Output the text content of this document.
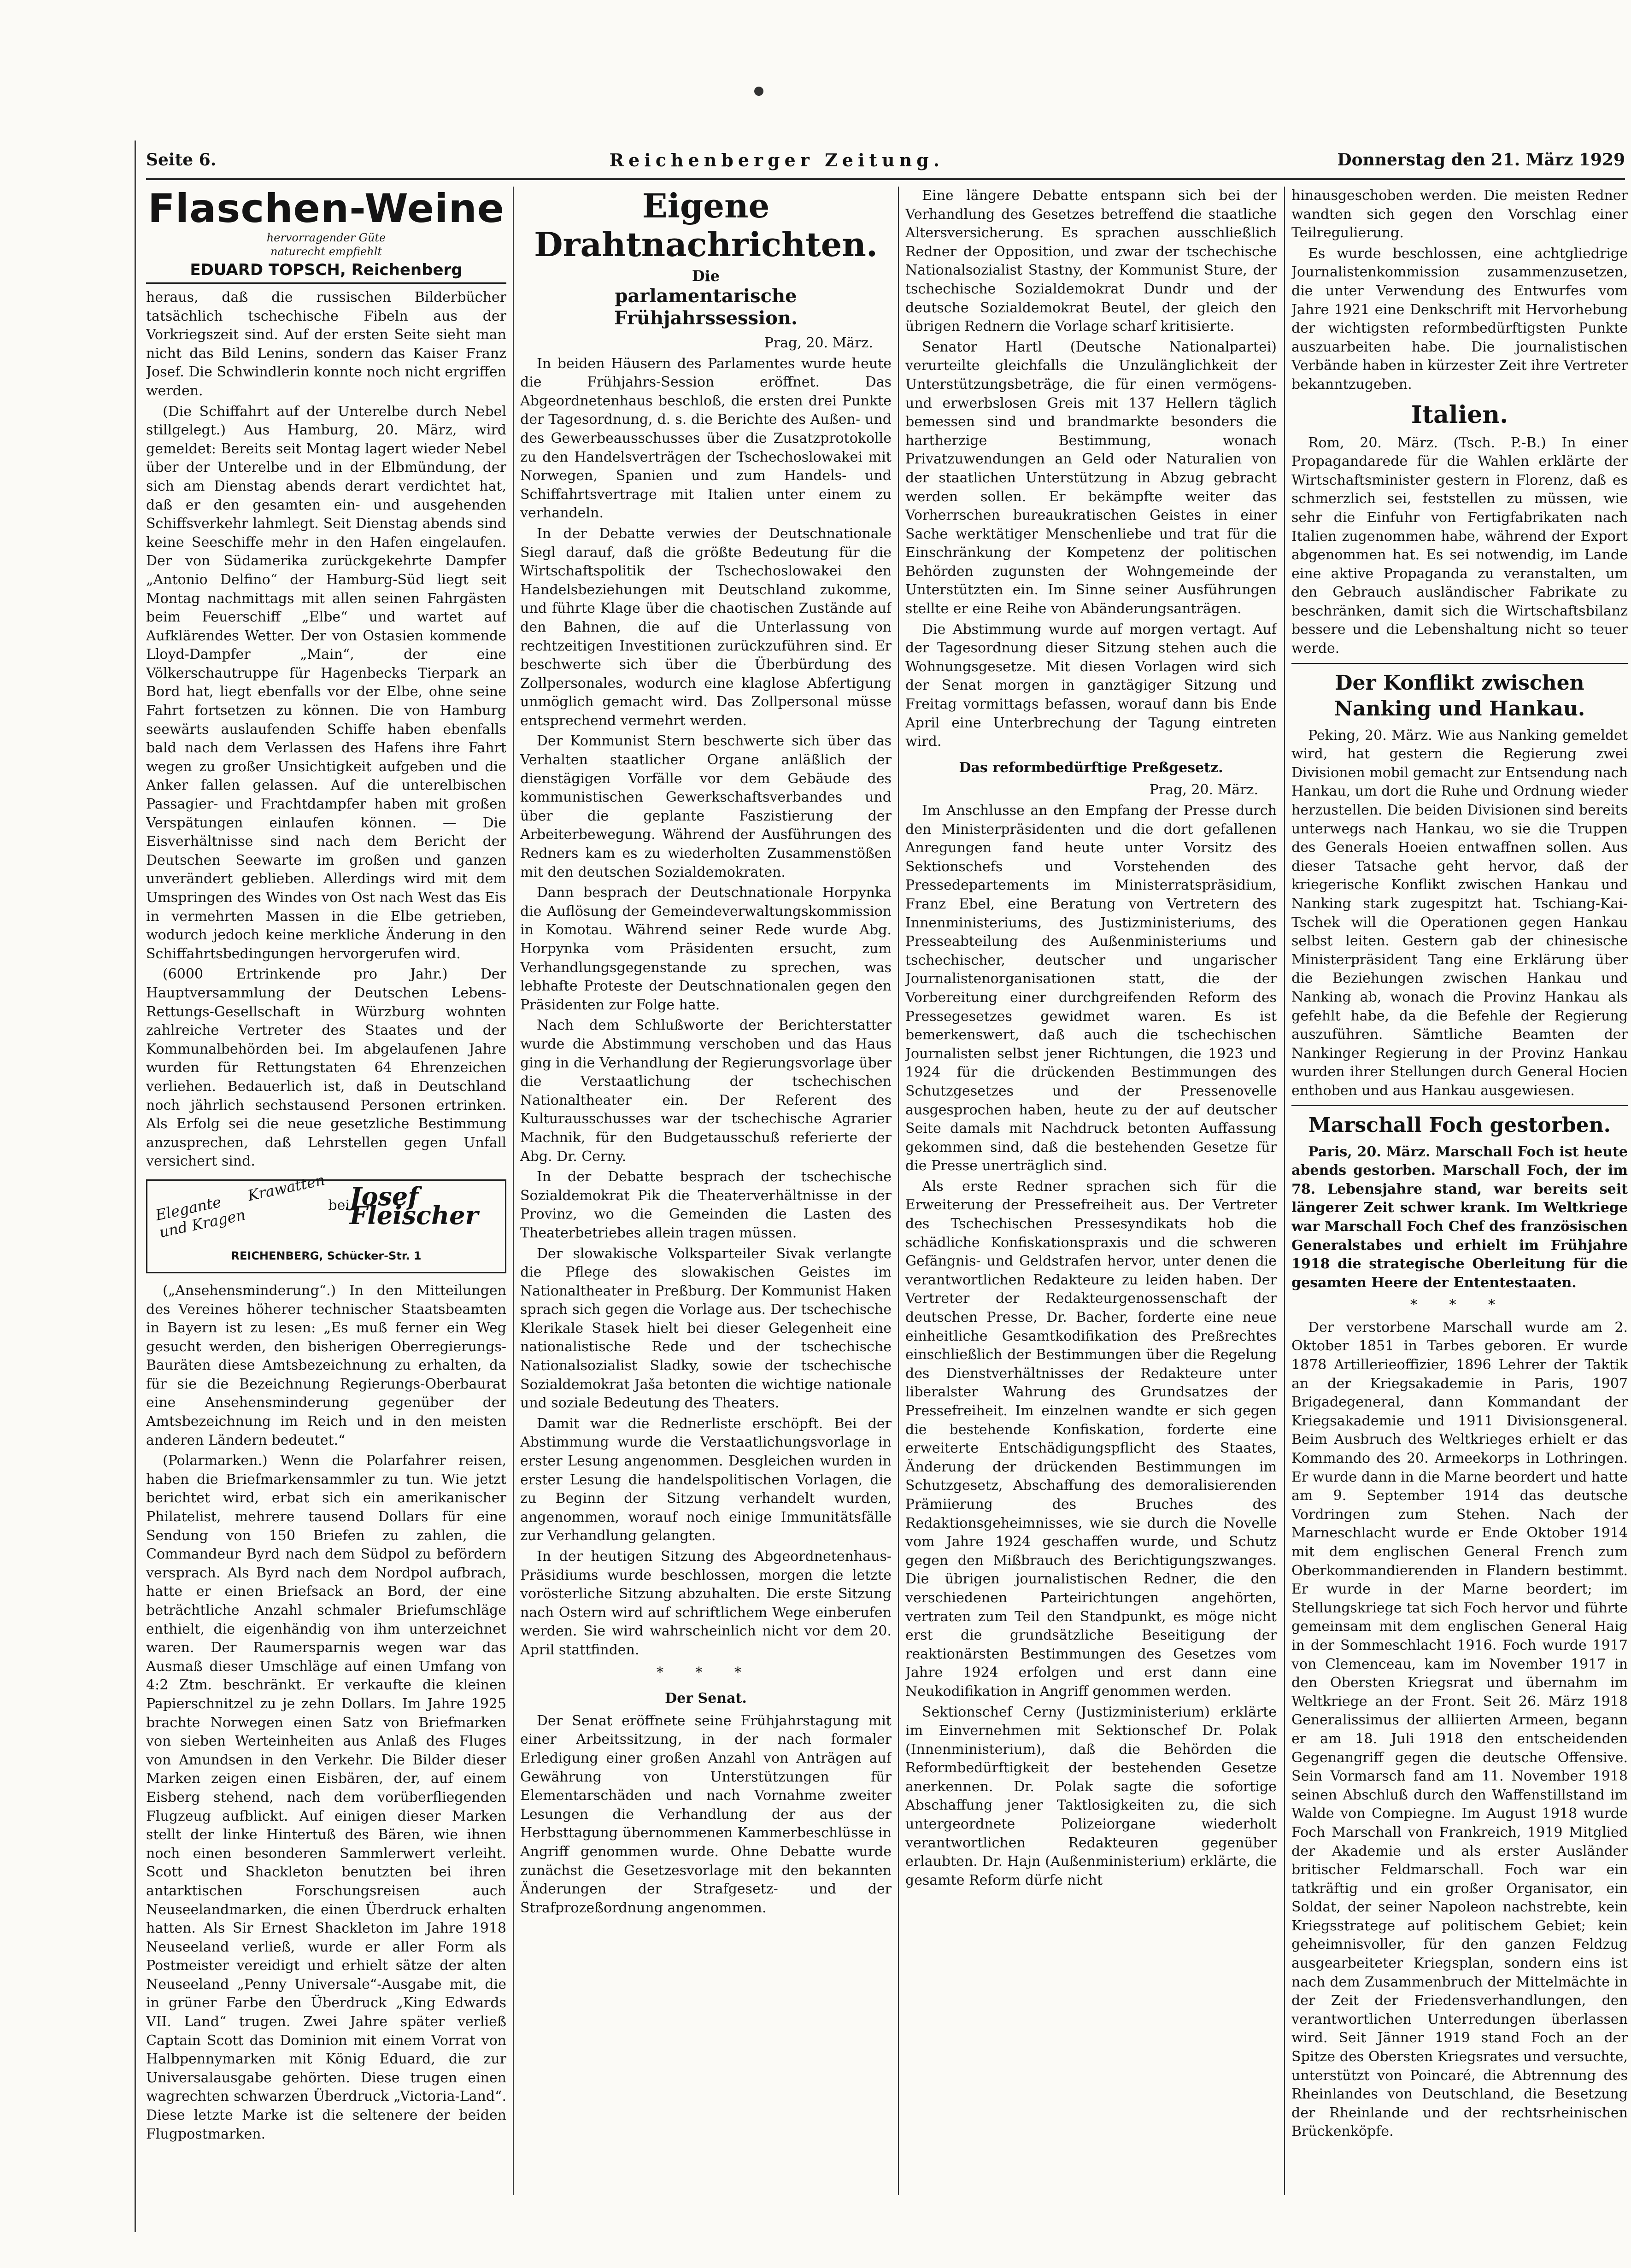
Seite 6.	Reichenberger Zeitung.	Donnerstag den 21. März 1929
Flaschen-Weine
hervorragender Güte
naturecht empfiehlt
EDUARD TOPSCH, Reichenberg

heraus, daß die russischen Bilderbücher tatsächlich tschechische Fibeln aus der Vorkriegszeit sind. Auf der ersten Seite sieht man nicht das Bild Lenins, sondern das Kaiser Franz Josef. Die Schwindlerin konnte noch nicht ergriffen werden.

(Die Schiffahrt auf der Unterelbe durch Nebel stillgelegt.) Aus Hamburg, 20. März, wird gemeldet: Bereits seit Montag lagert wieder Nebel über der Unterelbe und in der Elbmündung, der sich am Dienstag abends derart verdichtet hat, daß er den gesamten ein- und ausgehenden Schiffsverkehr lahmlegt. Seit Dienstag abends sind keine Seeschiffe mehr in den Hafen eingelaufen. Der von Südamerika zurückgekehrte Dampfer „Antonio Delfino“ der Hamburg-Süd liegt seit Montag nachmittags mit allen seinen Fahrgästen beim Feuerschiff „Elbe“ und wartet auf Aufklärendes Wetter. Der von Ostasien kommende Lloyd-Dampfer „Main“, der eine Völkerschautruppe für Hagenbecks Tierpark an Bord hat, liegt ebenfalls vor der Elbe, ohne seine Fahrt fortsetzen zu können. Die von Hamburg seewärts auslaufenden Schiffe haben ebenfalls bald nach dem Verlassen des Hafens ihre Fahrt wegen zu großer Unsichtigkeit aufgeben und die Anker fallen gelassen. Auf die unterelbischen Passagier- und Frachtdampfer haben mit großen Verspätungen einlaufen können. — Die Eisverhältnisse sind nach dem Bericht der Deutschen Seewarte im großen und ganzen unverändert geblieben. Allerdings wird mit dem Umspringen des Windes von Ost nach West das Eis in vermehrten Massen in die Elbe getrieben, wodurch jedoch keine merkliche Änderung in den Schiffahrtsbedingungen hervorgerufen wird.

(6000 Ertrinkende pro Jahr.) Der Hauptversammlung der Deutschen Lebens-Rettungs-Gesellschaft in Würzburg wohnten zahlreiche Vertreter des Staates und der Kommunalbehörden bei. Im abgelaufenen Jahre wurden für Rettungstaten 64 Ehrenzeichen verliehen. Bedauerlich ist, daß in Deutschland noch jährlich sechstausend Personen ertrinken. Als Erfolg sei die neue gesetzliche Bestimmung anzusprechen, daß Lehrstellen gegen Unfall versichert sind.

Elegante Krawatten und Kragen
bei Josef Fleischer
REICHENBERG, Schücker-Str. 1

(„Ansehensminderung“.) In den Mitteilungen des Vereines höherer technischer Staatsbeamten in Bayern ist zu lesen: „Es muß ferner ein Weg gesucht werden, den bisherigen Oberregierungs-Bauräten diese Amtsbezeichnung zu erhalten, da für sie die Bezeichnung Regierungs-Oberbaurat eine Ansehensminderung gegenüber der Amtsbezeichnung im Reich und in den meisten anderen Ländern bedeutet.“

(Polarmarken.) Wenn die Polarfahrer reisen, haben die Briefmarkensammler zu tun. Wie jetzt berichtet wird, erbat sich ein amerikanischer Philatelist, mehrere tausend Dollars für eine Sendung von 150 Briefen zu zahlen, die Commandeur Byrd nach dem Südpol zu befördern versprach. Als Byrd nach dem Nordpol aufbrach, hatte er einen Briefsack an Bord, der eine beträchtliche Anzahl schmaler Briefumschläge enthielt, die eigenhändig von ihm unterzeichnet waren. Der Raumersparnis wegen war das Ausmaß dieser Umschläge auf einen Umfang von 4:2 Ztm. beschränkt. Er verkaufte die kleinen Papierschnitzel zu je zehn Dollars. Im Jahre 1925 brachte Norwegen einen Satz von Briefmarken von sieben Werteinheiten aus Anlaß des Fluges von Amundsen in den Verkehr. Die Bilder dieser Marken zeigen einen Eisbären, der, auf einem Eisberg stehend, nach dem vorüberfliegenden Flugzeug aufblickt. Auf einigen dieser Marken stellt der linke Hintertuß des Bären, wie ihnen noch einen besonderen Sammlerwert verleiht. Scott und Shackleton benutzten bei ihren antarktischen Forschungsreisen auch Neuseelandmarken, die einen Überdruck erhalten hatten. Als Sir Ernest Shackleton im Jahre 1918 Neuseeland verließ, wurde er aller Form als Postmeister vereidigt und erhielt sätze der alten Neuseeland „Penny Universale“-Ausgabe mit, die in grüner Farbe den Überdruck „King Edwards VII. Land“ trugen. Zwei Jahre später verließ Captain Scott das Dominion mit einem Vorrat von Halbpennymarken mit König Eduard, die zur Universalausgabe gehörten. Diese trugen einen wagrechten schwarzen Überdruck „Victoria-Land“. Diese letzte Marke ist die seltenere der beiden Flugpostmarken.

Eigene Drahtnachrichten.
Die
parlamentarische Frühjahrssession.
Prag, 20. März.

In beiden Häusern des Parlamentes wurde heute die Frühjahrs-Session eröffnet. Das Abgeordnetenhaus beschloß, die ersten drei Punkte der Tagesordnung, d. s. die Berichte des Außen- und des Gewerbeausschusses über die Zusatzprotokolle zu den Handelsverträgen der Tschechoslowakei mit Norwegen, Spanien und zum Handels- und Schiffahrtsvertrage mit Italien unter einem zu verhandeln.

In der Debatte verwies der Deutschnationale Siegl darauf, daß die größte Bedeutung für die Wirtschaftspolitik der Tschechoslowakei den Handelsbeziehungen mit Deutschland zukomme, und führte Klage über die chaotischen Zustände auf den Bahnen, die auf die Unterlassung von rechtzeitigen Investitionen zurückzuführen sind. Er beschwerte sich über die Überbürdung des Zollpersonales, wodurch eine klaglose Abfertigung unmöglich gemacht wird. Das Zollpersonal müsse entsprechend vermehrt werden.

Der Kommunist Stern beschwerte sich über das Verhalten staatlicher Organe anläßlich der dienstägigen Vorfälle vor dem Gebäude des kommunistischen Gewerkschaftsverbandes und über die geplante Faszistierung der Arbeiterbewegung. Während der Ausführungen des Redners kam es zu wiederholten Zusammenstößen mit den deutschen Sozialdemokraten.

Dann besprach der Deutschnationale Horpynka die Auflösung der Gemeindeverwaltungskommission in Komotau. Während seiner Rede wurde Abg. Horpynka vom Präsidenten ersucht, zum Verhandlungsgegenstande zu sprechen, was lebhafte Proteste der Deutschnationalen gegen den Präsidenten zur Folge hatte.

Nach dem Schlußworte der Berichterstatter wurde die Abstimmung verschoben und das Haus ging in die Verhandlung der Regierungsvorlage über die Verstaatlichung der tschechischen Nationaltheater ein. Der Referent des Kulturausschusses war der tschechische Agrarier Machnik, für den Budgetausschuß referierte der Abg. Dr. Cerny.

In der Debatte besprach der tschechische Sozialdemokrat Pik die Theaterverhältnisse in der Provinz, wo die Gemeinden die Lasten des Theaterbetriebes allein tragen müssen.

Der slowakische Volksparteiler Sivak verlangte die Pflege des slowakischen Geistes im Nationaltheater in Preßburg. Der Kommunist Haken sprach sich gegen die Vorlage aus. Der tschechische Klerikale Stasek hielt bei dieser Gelegenheit eine nationalistische Rede und der tschechische Nationalsozialist Sladky, sowie der tschechische Sozialdemokrat Jaša betonten die wichtige nationale und soziale Bedeutung des Theaters.

Damit war die Rednerliste erschöpft. Bei der Abstimmung wurde die Verstaatlichungsvorlage in erster Lesung angenommen. Desgleichen wurden in erster Lesung die handelspolitischen Vorlagen, die zu Beginn der Sitzung verhandelt wurden, angenommen, worauf noch einige Immunitätsfälle zur Verhandlung gelangten.

In der heutigen Sitzung des Abgeordnetenhaus-Präsidiums wurde beschlossen, morgen die letzte vorösterliche Sitzung abzuhalten. Die erste Sitzung nach Ostern wird auf schriftlichem Wege einberufen werden. Sie wird wahrscheinlich nicht vor dem 20. April stattfinden.

* * *
Der Senat.

Der Senat eröffnete seine Frühjahrstagung mit einer Arbeitssitzung, in der nach formaler Erledigung einer großen Anzahl von Anträgen auf Gewährung von Unterstützungen für Elementarschäden und nach Vornahme zweiter Lesungen die Verhandlung der aus der Herbsttagung übernommenen Kammerbeschlüsse in Angriff genommen wurde. Ohne Debatte wurde zunächst die Gesetzesvorlage mit den bekannten Änderungen der Strafgesetz- und der Strafprozeßordnung angenommen.

Eine längere Debatte entspann sich bei der Verhandlung des Gesetzes betreffend die staatliche Altersversicherung. Es sprachen ausschließlich Redner der Opposition, und zwar der tschechische Nationalsozialist Stastny, der Kommunist Sture, der tschechische Sozialdemokrat Dundr und der deutsche Sozialdemokrat Beutel, der gleich den übrigen Rednern die Vorlage scharf kritisierte.

Senator Hartl (Deutsche Nationalpartei) verurteilte gleichfalls die Unzulänglichkeit der Unterstützungsbeträge, die für einen vermögens- und erwerbslosen Greis mit 137 Hellern täglich bemessen sind und brandmarkte besonders die hartherzige Bestimmung, wonach Privatzuwendungen an Geld oder Naturalien von der staatlichen Unterstützung in Abzug gebracht werden sollen. Er bekämpfte weiter das Vorherrschen bureaukratischen Geistes in einer Sache werktätiger Menschenliebe und trat für die Einschränkung der Kompetenz der politischen Behörden zugunsten der Wohngemeinde der Unterstützten ein. Im Sinne seiner Ausführungen stellte er eine Reihe von Abänderungsanträgen.

Die Abstimmung wurde auf morgen vertagt. Auf der Tagesordnung dieser Sitzung stehen auch die Wohnungsgesetze. Mit diesen Vorlagen wird sich der Senat morgen in ganztägiger Sitzung und Freitag vormittags befassen, worauf dann bis Ende April eine Unterbrechung der Tagung eintreten wird.

Das reformbedürftige Preßgesetz.
Prag, 20. März.

Im Anschlusse an den Empfang der Presse durch den Ministerpräsidenten und die dort gefallenen Anregungen fand heute unter Vorsitz des Sektionschefs und Vorstehenden des Pressedepartements im Ministerratspräsidium, Franz Ebel, eine Beratung von Vertretern des Innenministeriums, des Justizministeriums, des Presseabteilung des Außenministeriums und tschechischer, deutscher und ungarischer Journalistenorganisationen statt, die der Vorbereitung einer durchgreifenden Reform des Pressegesetzes gewidmet waren. Es ist bemerkenswert, daß auch die tschechischen Journalisten selbst jener Richtungen, die 1923 und 1924 für die drückenden Bestimmungen des Schutzgesetzes und der Pressenovelle ausgesprochen haben, heute zu der auf deutscher Seite damals mit Nachdruck betonten Auffassung gekommen sind, daß die bestehenden Gesetze für die Presse unerträglich sind.

Als erste Redner sprachen sich für die Erweiterung der Pressefreiheit aus. Der Vertreter des Tschechischen Pressesyndikats hob die schädliche Konfiskationspraxis und die schweren Gefängnis- und Geldstrafen hervor, unter denen die verantwortlichen Redakteure zu leiden haben. Der Vertreter der Redakteurgenossenschaft der deutschen Presse, Dr. Bacher, forderte eine neue einheitliche Gesamtkodifikation des Preßrechtes einschließlich der Bestimmungen über die Regelung des Dienstverhältnisses der Redakteure unter liberalster Wahrung des Grundsatzes der Pressefreiheit. Im einzelnen wandte er sich gegen die bestehende Konfiskation, forderte eine erweiterte Entschädigungspflicht des Staates, Änderung der drückenden Bestimmungen im Schutzgesetz, Abschaffung des demoralisierenden Prämiierung des Bruches des Redaktionsgeheimnisses, wie sie durch die Novelle vom Jahre 1924 geschaffen wurde, und Schutz gegen den Mißbrauch des Berichtigungszwanges. Die übrigen journalistischen Redner, die den verschiedenen Parteirichtungen angehörten, vertraten zum Teil den Standpunkt, es möge nicht erst die grundsätzliche Beseitigung der reaktionärsten Bestimmungen des Gesetzes vom Jahre 1924 erfolgen und erst dann eine Neukodifikation in Angriff genommen werden.

Sektionschef Cerny (Justizministerium) erklärte im Einvernehmen mit Sektionschef Dr. Polak (Innenministerium), daß die Behörden die Reformbedürftigkeit der bestehenden Gesetze anerkennen. Dr. Polak sagte die sofortige Abschaffung jener Taktlosigkeiten zu, die sich untergeordnete Polizeiorgane wiederholt verantwortlichen Redakteuren gegenüber erlaubten. Dr. Hajn (Außenministerium) erklärte, die gesamte Reform dürfe nicht

hinausgeschoben werden. Die meisten Redner wandten sich gegen den Vorschlag einer Teilregulierung.

Es wurde beschlossen, eine achtgliedrige Journalistenkommission zusammenzusetzen, die unter Verwendung des Entwurfes vom Jahre 1921 eine Denkschrift mit Hervorhebung der wichtigsten reformbedürftigsten Punkte auszuarbeiten habe. Die journalistischen Verbände haben in kürzester Zeit ihre Vertreter bekanntzugeben.

Italien.

Rom, 20. März. (Tsch. P.-B.) In einer Propagandarede für die Wahlen erklärte der Wirtschaftsminister gestern in Florenz, daß es schmerzlich sei, feststellen zu müssen, wie sehr die Einfuhr von Fertigfabrikaten nach Italien zugenommen habe, während der Export abgenommen hat. Es sei notwendig, im Lande eine aktive Propaganda zu veranstalten, um den Gebrauch ausländischer Fabrikate zu beschränken, damit sich die Wirtschaftsbilanz bessere und die Lebenshaltung nicht so teuer werde.

Der Konflikt zwischen Nanking und Hankau.

Peking, 20. März. Wie aus Nanking gemeldet wird, hat gestern die Regierung zwei Divisionen mobil gemacht zur Entsendung nach Hankau, um dort die Ruhe und Ordnung wieder herzustellen. Die beiden Divisionen sind bereits unterwegs nach Hankau, wo sie die Truppen des Generals Hoeien entwaffnen sollen. Aus dieser Tatsache geht hervor, daß der kriegerische Konflikt zwischen Hankau und Nanking stark zugespitzt hat. Tschiang-Kai-Tschek will die Operationen gegen Hankau selbst leiten. Gestern gab der chinesische Ministerpräsident Tang eine Erklärung über die Beziehungen zwischen Hankau und Nanking ab, wonach die Provinz Hankau als gefehlt habe, da die Befehle der Regierung auszuführen. Sämtliche Beamten der Nankinger Regierung in der Provinz Hankau wurden ihrer Stellungen durch General Hocien enthoben und aus Hankau ausgewiesen.

Marschall Foch gestorben.

Paris, 20. März. Marschall Foch ist heute abends gestorben. Marschall Foch, der im 78. Lebensjahre stand, war bereits seit längerer Zeit schwer krank. Im Weltkriege war Marschall Foch Chef des französischen Generalstabes und erhielt im Frühjahre 1918 die strategische Oberleitung für die gesamten Heere der Ententestaaten.

* * *

Der verstorbene Marschall wurde am 2. Oktober 1851 in Tarbes geboren. Er wurde 1878 Artillerieoffizier, 1896 Lehrer der Taktik an der Kriegsakademie in Paris, 1907 Brigadegeneral, dann Kommandant der Kriegsakademie und 1911 Divisionsgeneral. Beim Ausbruch des Weltkrieges erhielt er das Kommando des 20. Armeekorps in Lothringen. Er wurde dann in die Marne beordert und hatte am 9. September 1914 das deutsche Vordringen zum Stehen. Nach der Marneschlacht wurde er Ende Oktober 1914 mit dem englischen General French zum Oberkommandierenden in Flandern bestimmt. Er wurde in der Marne beordert; im Stellungskriege tat sich Foch hervor und führte gemeinsam mit dem englischen General Haig in der Sommeschlacht 1916. Foch wurde 1917 von Clemenceau, kam im November 1917 in den Obersten Kriegsrat und übernahm im Weltkriege an der Front. Seit 26. März 1918 Generalissimus der alliierten Armeen, begann er am 18. Juli 1918 den entscheidenden Gegenangriff gegen die deutsche Offensive. Sein Vormarsch fand am 11. November 1918 seinen Abschluß durch den Waffenstillstand im Walde von Compiegne. Im August 1918 wurde Foch Marschall von Frankreich, 1919 Mitglied der Akademie und als erster Ausländer britischer Feldmarschall. Foch war ein tatkräftig und ein großer Organisator, ein Soldat, der seiner Napoleon nachstrebte, kein Kriegsstratege auf politischem Gebiet; kein geheimnisvoller, für den ganzen Feldzug ausgearbeiteter Kriegsplan, sondern eins ist nach dem Zusammenbruch der Mittelmächte in der Zeit der Friedensverhandlungen, den verantwortlichen Unterredungen überlassen wird. Seit Jänner 1919 stand Foch an der Spitze des Obersten Kriegsrates und versuchte, unterstützt von Poincaré, die Abtrennung des Rheinlandes von Deutschland, die Besetzung der Rheinlande und der rechtsrheinischen Brückenköpfe.
